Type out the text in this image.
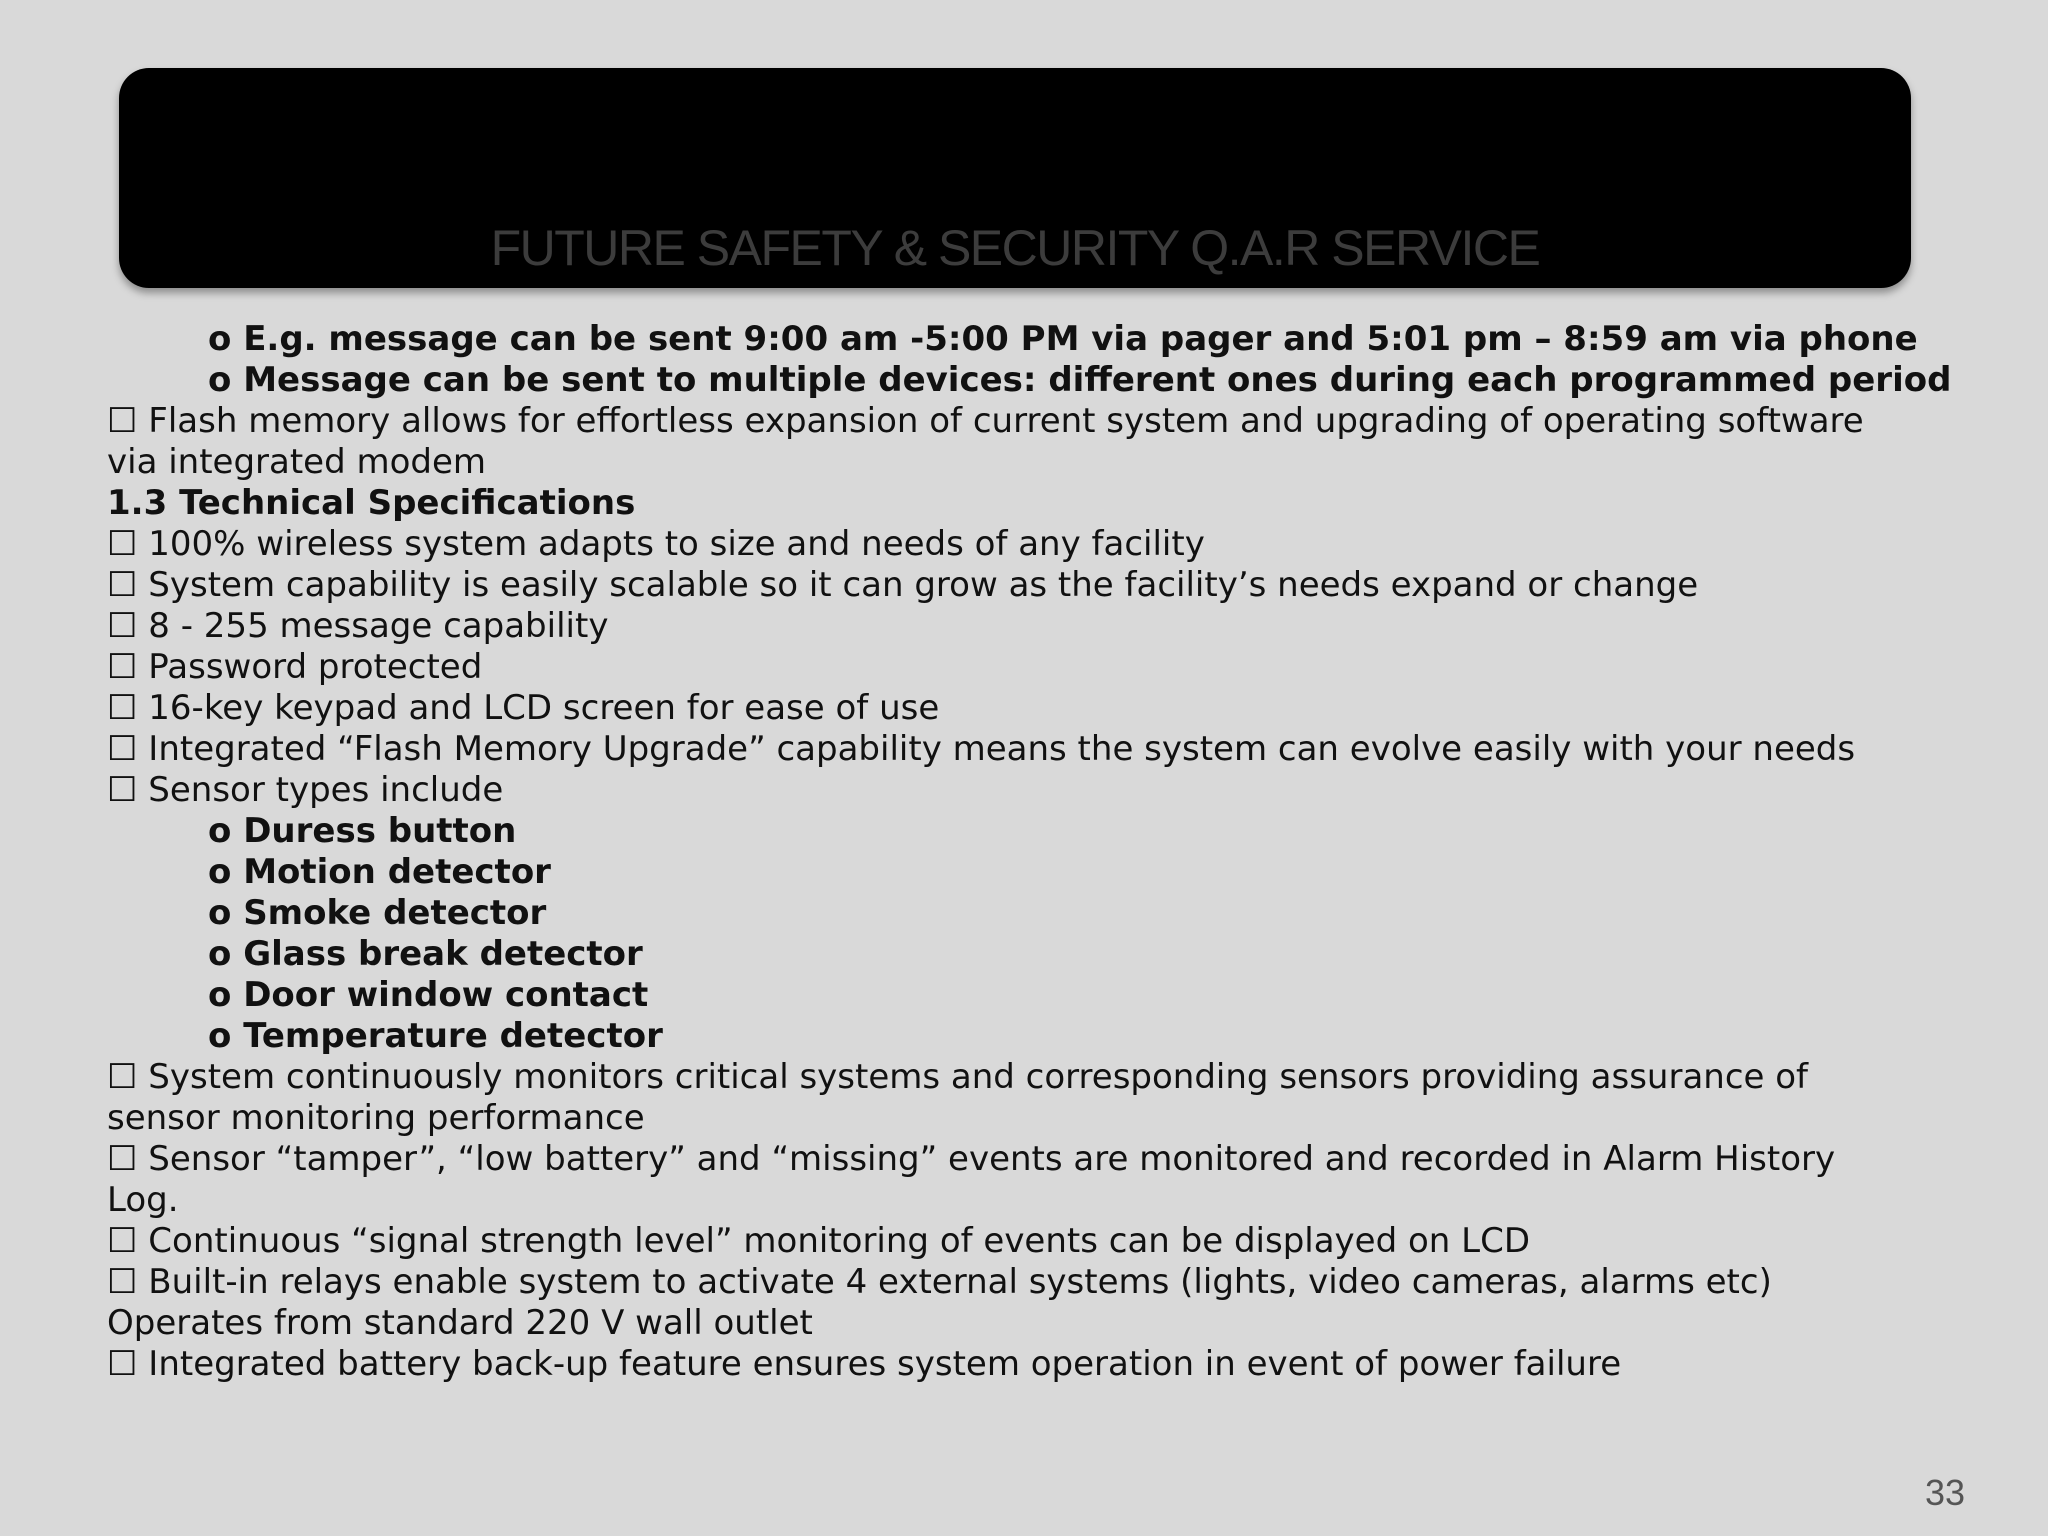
FUTURE SAFETY & SECURITY Q.A.R SERVICE
o E.g. message can be sent 9:00 am -5:00 PM via pager and 5:01 pm – 8:59 am via phone
o Message can be sent to multiple devices: different ones during each programmed period
☐ Flash memory allows for effortless expansion of current system and upgrading of operating software
via integrated modem
1.3 Technical Specifications
☐ 100% wireless system adapts to size and needs of any facility
☐ System capability is easily scalable so it can grow as the facility’s needs expand or change
☐ 8 - 255 message capability
☐ Password protected
☐ 16-key keypad and LCD screen for ease of use
☐ Integrated “Flash Memory Upgrade” capability means the system can evolve easily with your needs
☐ Sensor types include
o Duress button
o Motion detector
o Smoke detector
o Glass break detector
o Door window contact
o Temperature detector
☐ System continuously monitors critical systems and corresponding sensors providing assurance of
sensor monitoring performance
☐ Sensor “tamper”, “low battery” and “missing” events are monitored and recorded in Alarm History
Log.
☐ Continuous “signal strength level” monitoring of events can be displayed on LCD
☐ Built-in relays enable system to activate 4 external systems (lights, video cameras, alarms etc)
Operates from standard 220 V wall outlet
☐ Integrated battery back-up feature ensures system operation in event of power failure
33
